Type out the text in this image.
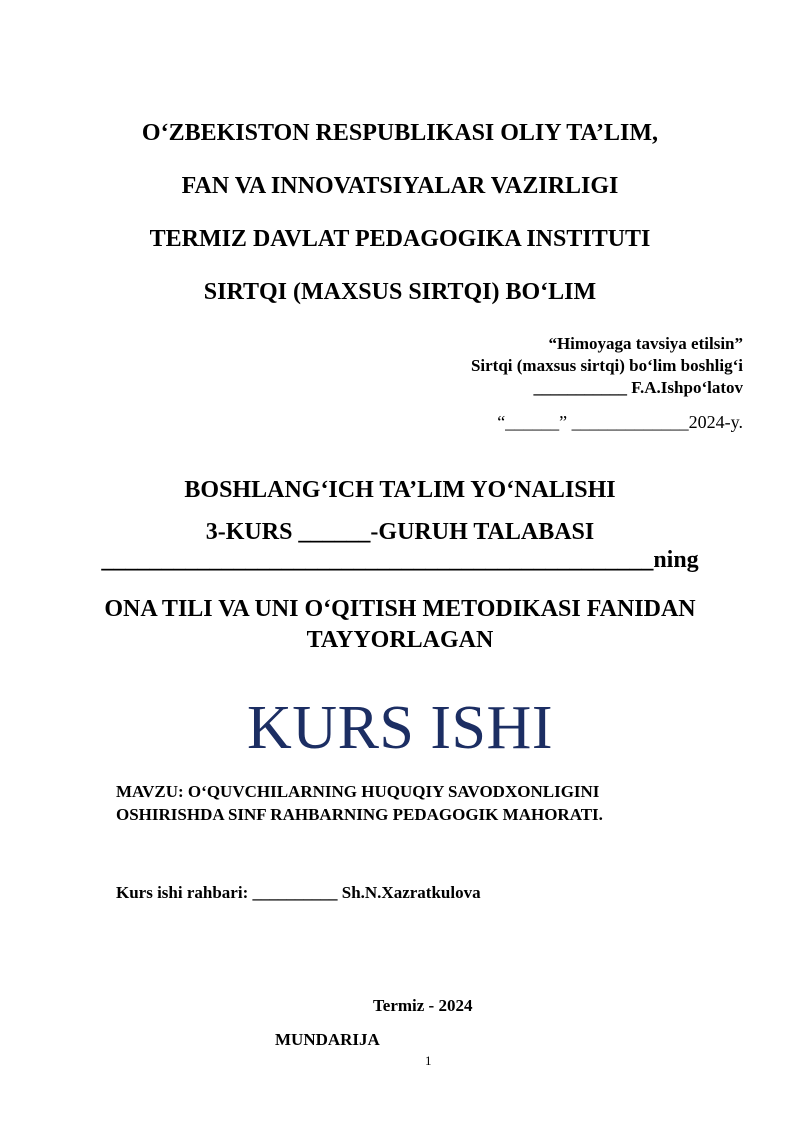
O‘ZBEKISTON RESPUBLIKASI OLIY TA’LIM,
FAN VA INNOVATSIYALAR VAZIRLIGI
TERMIZ DAVLAT PEDAGOGIKA INSTITUTI
SIRTQI (MAXSUS SIRTQI) BO‘LIM
“Himoyaga tavsiya etilsin”
Sirtqi (maxsus sirtqi) bo‘lim boshlig‘i
___________ F.A.Ishpo‘latov
“______” _____________2024-y.
BOSHLANG‘ICH TA’LIM YO‘NALISHI
3-KURS ______-GURUH TALABASI
______________________________________________ning
ONA TILI VA UNI O‘QITISH METODIKASI FANIDAN
TAYYORLAGAN
KURS ISHI
MAVZU: O‘QUVCHILARNING HUQUQIY SAVODXONLIGINI
OSHIRISHDA SINF RAHBARNING PEDAGOGIK MAHORATI.
Kurs ishi rahbari: __________ Sh.N.Xazratkulova
Termiz - 2024
MUNDARIJA
1
